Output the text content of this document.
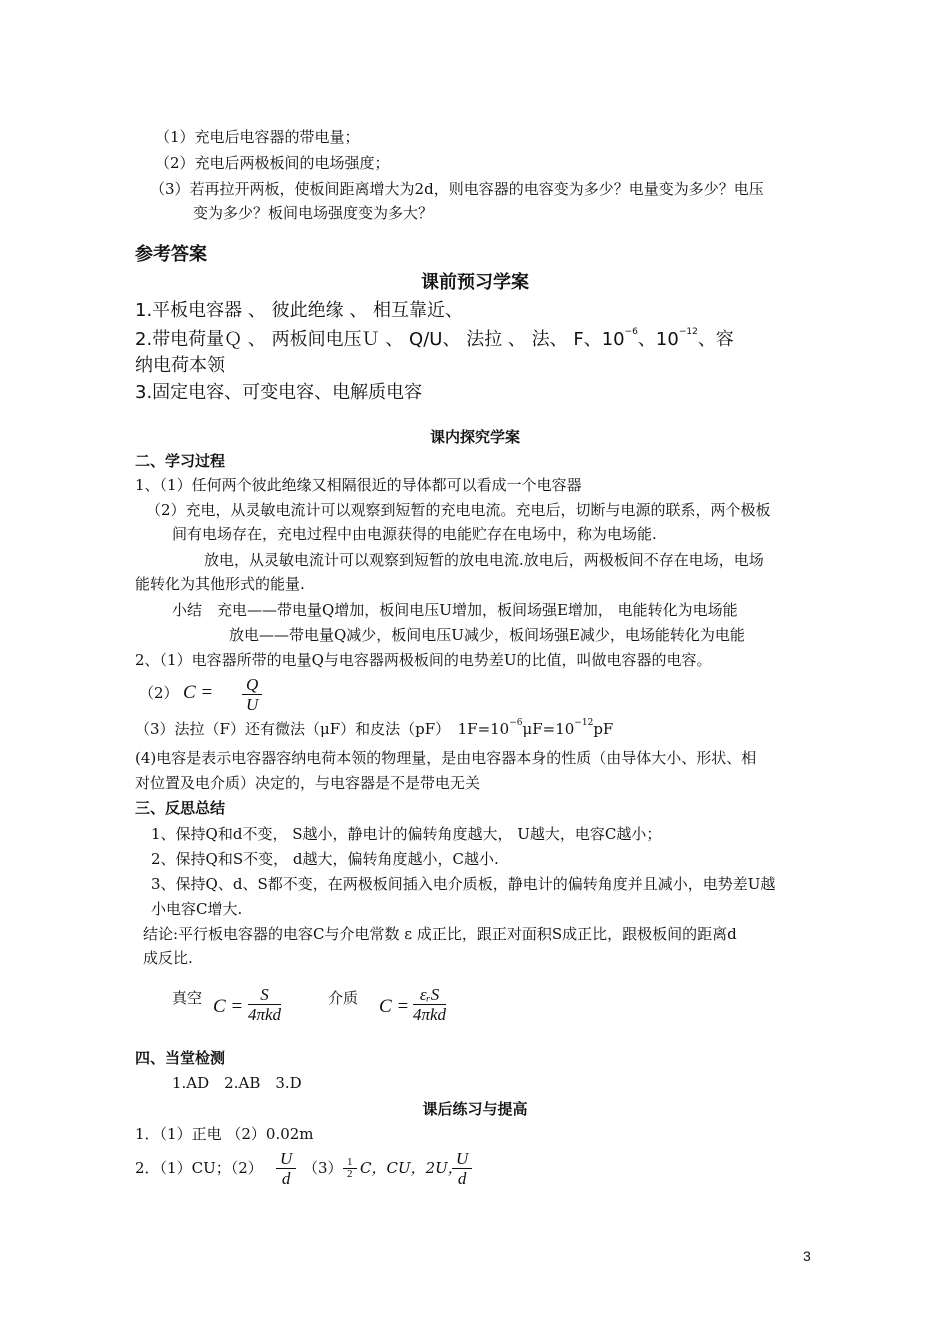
（1）充电后电容器的带电量；
（2）充电后两极板间的电场强度；
（3）若再拉开两板，使板间距离增大为2d，则电容器的电容变为多少？电量变为多少？电压
变为多少？板间电场强度变为多大？
参考答案
课前预习学案
1.平板电容器 、 彼此绝缘 、 相互靠近、
2.带电荷量Ｑ 、 两板间电压Ｕ 、 Q/U、 法拉 、 法、 F、$10^{-6}$、$10^{-12}$、容
纳电荷本领
3.固定电容、可变电容、电解质电容
课内探究学案
二、学习过程
1、（1）任何两个彼此绝缘又相隔很近的导体都可以看成一个电容器
（2）充电，从灵敏电流计可以观察到短暂的充电电流。充电后，切断与电源的联系，两个极板
间有电场存在，充电过程中由电源获得的电能贮存在电场中，称为电场能.
放电，从灵敏电流计可以观察到短暂的放电电流.放电后，两极板间不存在电场，电场
能转化为其他形式的能量.
小结　充电——带电量Q增加，板间电压U增加，板间场强E增加， 电能转化为电场能
放电——带电量Q减少，板间电压U减少，板间场强E减少，电场能转化为电能
2、（1）电容器所带的电量Q与电容器两极板间的电势差U的比值，叫做电容器的电容。
（2） C = Q
U
（3）法拉（F）还有微法（μF）和皮法（pF）　$1F=10^{-6}\mu F=10^{-12}pF$
(4)电容是表示电容器容纳电荷本领的物理量，是由电容器本身的性质（由导体大小、形状、相
对位置及电介质）决定的，与电容器是不是带电无关
三、反思总结
1、保持Q和d不变， S越小，静电计的偏转角度越大， U越大，电容C越小；
2、保持Q和S不变， d越大，偏转角度越小，C越小.
3、保持Q、d、S都不变，在两极板间插入电介质板，静电计的偏转角度并且减小，电势差U越
小电容C增大.
结论:平行板电容器的电容C与介电常数 ε 成正比，跟正对面积S成正比，跟极板间的距离d
成反比.
真空 C =
S
4πkd
介质 C =
εᵣS
4πkd
四、当堂检测
1.AD　2.AB　3.D
课后练习与提高
1．（1）正电 （2）0.02m
2．（1）CU；（2） U
d
（3） 1
2 C，CU，2U，
U
d
3
